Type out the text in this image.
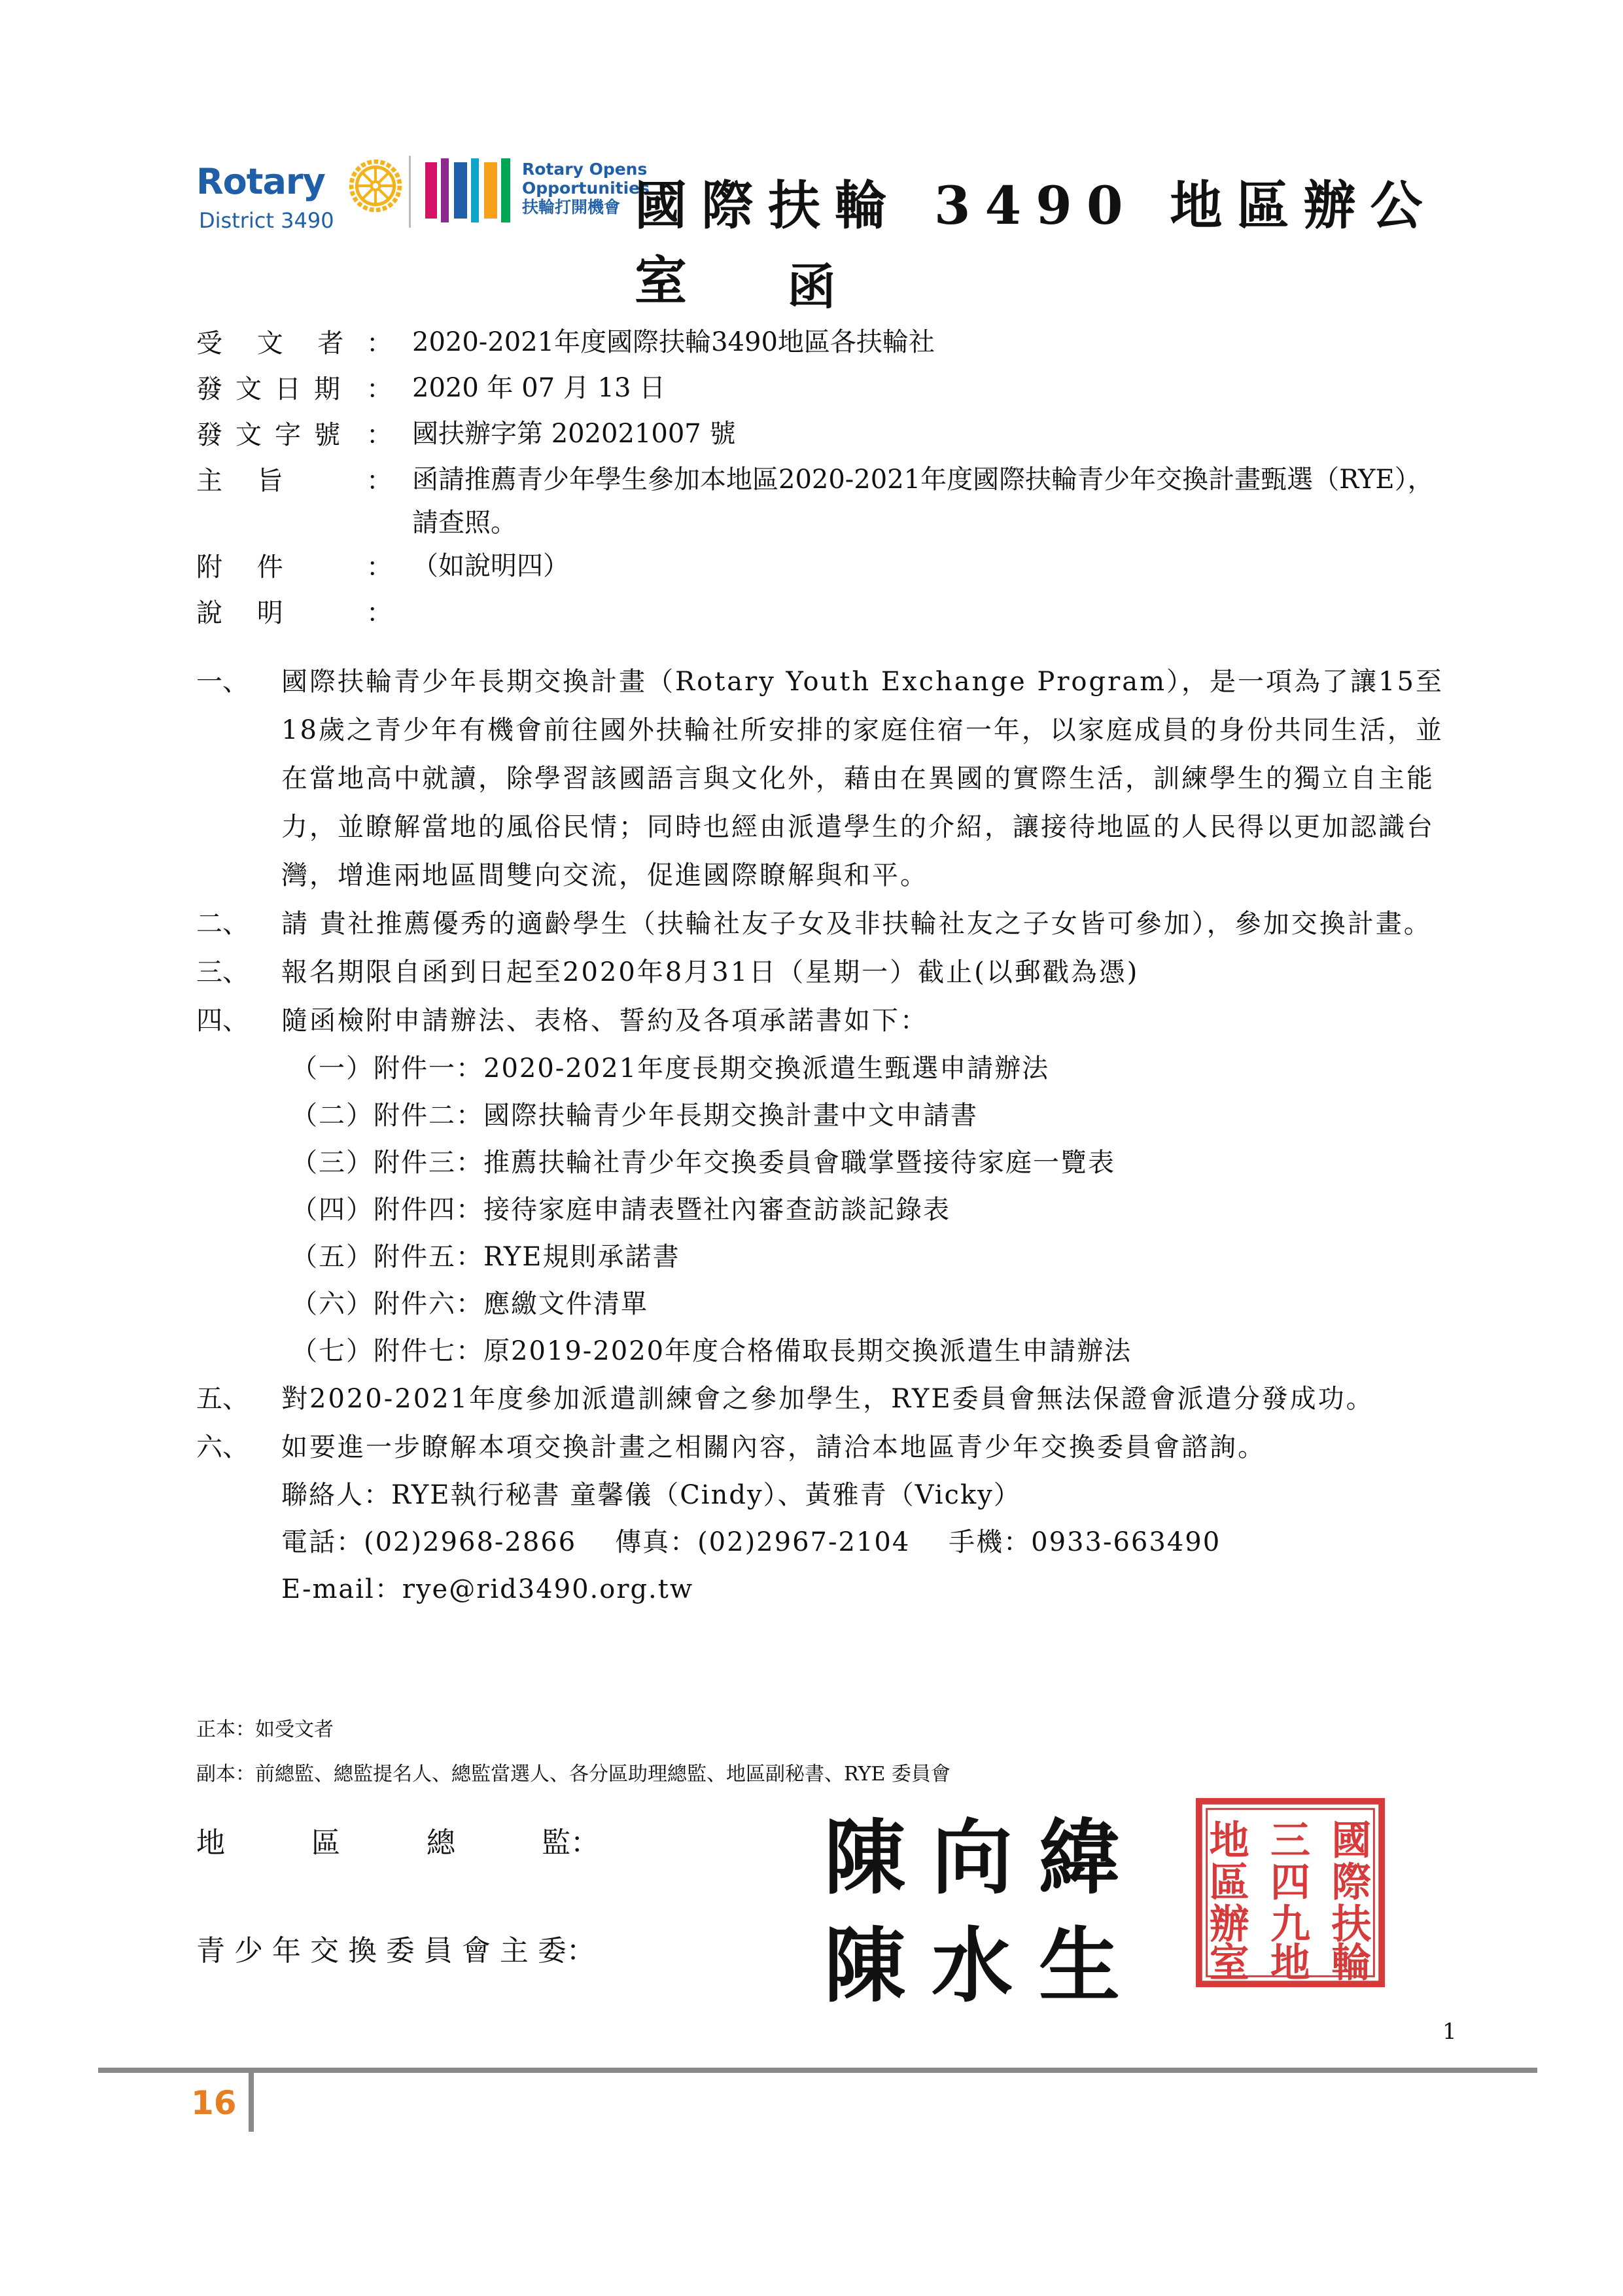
Rotary
District 3490
Rotary Opens
Opportunities
扶輪打開機會 國際扶輪 3490 地區辦公室	函
受 文 者 ： 2020-2021年度國際扶輪3490地區各扶輪社
發文日期 ： 2020 年 07 月 13 日
發文字號 ： 國扶辦字第 202021007 號
主 旨	： 函請推薦青少年學生參加本地區2020-2021年度國際扶輪青少年交換計畫甄選（RYE），請查照。
附 件	： （如說明四）
說 明	：
一、	國際扶輪青少年長期交換計畫（Rotary Youth Exchange Program），是一項為了讓15至18歲之青少年有機會前往國外扶輪社所安排的家庭住宿一年，以家庭成員的身份共同生活，並在當地高中就讀，除學習該國語言與文化外，藉由在異國的實際生活，訓練學生的獨立自主能力，並瞭解當地的風俗民情；同時也經由派遣學生的介紹，讓接待地區的人民得以更加認識台灣，增進兩地區間雙向交流，促進國際瞭解與和平。
二、	請 貴社推薦優秀的適齡學生（扶輪社友子女及非扶輪社友之子女皆可參加），參加交換計畫。
三、	報名期限自函到日起至2020年8月31日（星期一）截止(以郵戳為憑)
四、	隨函檢附申請辦法、表格、誓約及各項承諾書如下：
（一）附件一：2020-2021年度長期交換派遣生甄選申請辦法
（二）附件二：國際扶輪青少年長期交換計畫中文申請書
（三）附件三：推薦扶輪社青少年交換委員會職掌暨接待家庭一覽表
（四）附件四：接待家庭申請表暨社內審查訪談記錄表
（五）附件五：RYE規則承諾書
（六）附件六：應繳文件清單
（七）附件七：原2019-2020年度合格備取長期交換派遣生申請辦法
五、	對2020-2021年度參加派遣訓練會之參加學生，RYE委員會無法保證會派遣分發成功。
六、	如要進一步瞭解本項交換計畫之相關內容，請洽本地區青少年交換委員會諮詢。
聯絡人：RYE執行秘書 童馨儀（Cindy）、黃雅青（Vicky）
電話：(02)2968-2866    傳真：(02)2967-2104    手機：0933-663490
E-mail：rye@rid3490.org.tw
正本：如受文者
副本：前總監、總監提名人、總監當選人、各分區助理總監、地區副秘書、RYE 委員會
地　　　區　　　總　　　監：	陳向緯
青 少 年 交 換 委 員 會 主 委：	陳水生
國
際
扶
輪
三
四
九
地
地
區
辦
室
1
16
